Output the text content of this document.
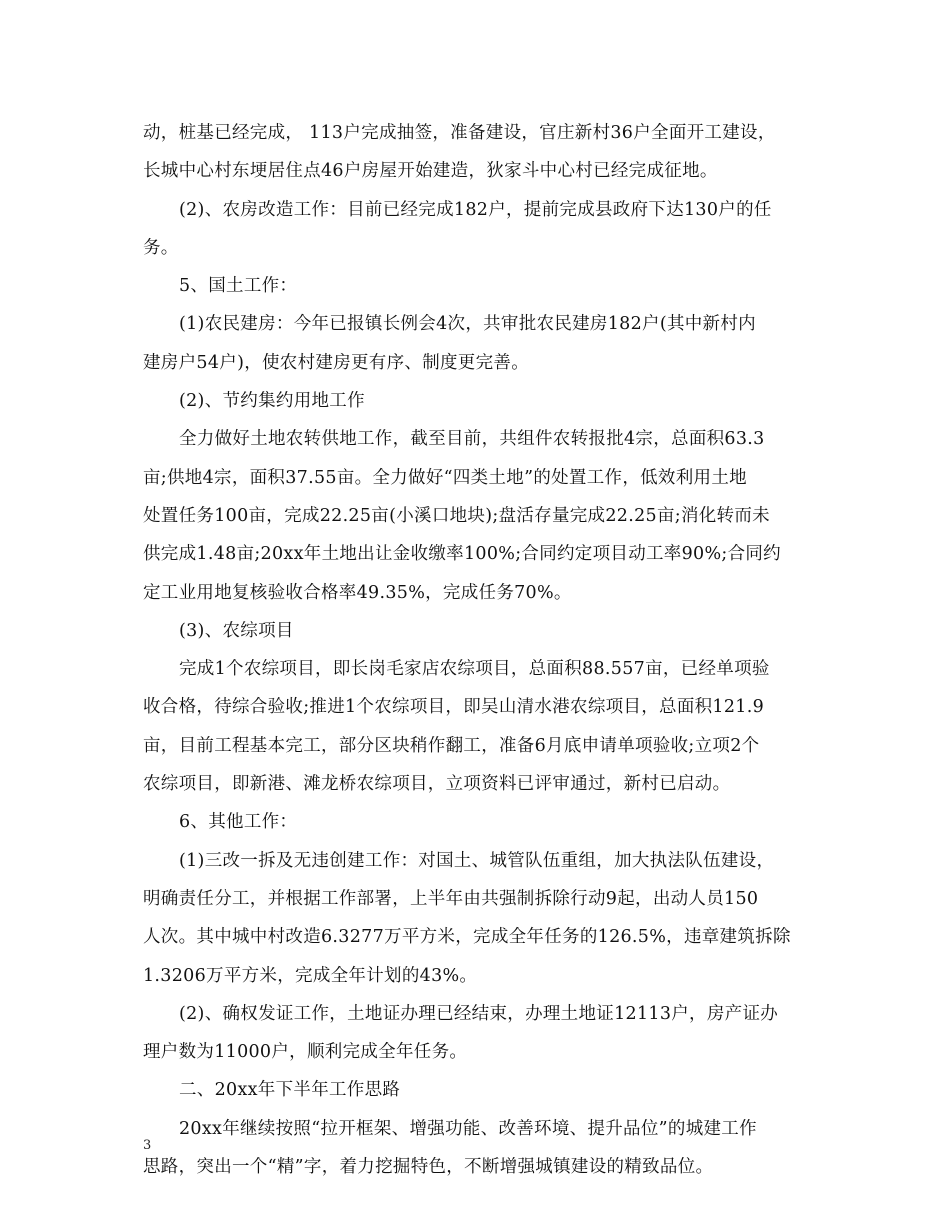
动，桩基已经完成， 113户完成抽签，准备建设，官庄新村36户全面开工建设，
长城中心村东埂居住点46户房屋开始建造，狄家斗中心村已经完成征地。
(2)、农房改造工作：目前已经完成182户，提前完成县政府下达130户的任
务。
5、国土工作：
(1)农民建房：今年已报镇长例会4次，共审批农民建房182户(其中新村内
建房户54户)，使农村建房更有序、制度更完善。
(2)、节约集约用地工作
全力做好土地农转供地工作，截至目前，共组件农转报批4宗，总面积63.3
亩;供地4宗，面积37.55亩。全力做好“四类土地”的处置工作，低效利用土地
处置任务100亩，完成22.25亩(小溪口地块);盘活存量完成22.25亩;消化转而未
供完成1.48亩;20xx年土地出让金收缴率100%;合同约定项目动工率90%;合同约
定工业用地复核验收合格率49.35%，完成任务70%。
(3)、农综项目
完成1个农综项目，即长岗毛家店农综项目，总面积88.557亩，已经单项验
收合格，待综合验收;推进1个农综项目，即吴山清水港农综项目，总面积121.9
亩，目前工程基本完工，部分区块稍作翻工，准备6月底申请单项验收;立项2个
农综项目，即新港、滩龙桥农综项目，立项资料已评审通过，新村已启动。
6、其他工作：
(1)三改一拆及无违创建工作：对国土、城管队伍重组，加大执法队伍建设，
明确责任分工，并根据工作部署，上半年由共强制拆除行动9起，出动人员150
人次。其中城中村改造6.3277万平方米，完成全年任务的126.5%，违章建筑拆除
1.3206万平方米，完成全年计划的43%。
(2)、确权发证工作，土地证办理已经结束，办理土地证12113户，房产证办
理户数为11000户，顺利完成全年任务。
二、20xx年下半年工作思路
20xx年继续按照“拉开框架、增强功能、改善环境、提升品位”的城建工作
思路，突出一个“精”字，着力挖掘特色，不断增强城镇建设的精致品位。
3
